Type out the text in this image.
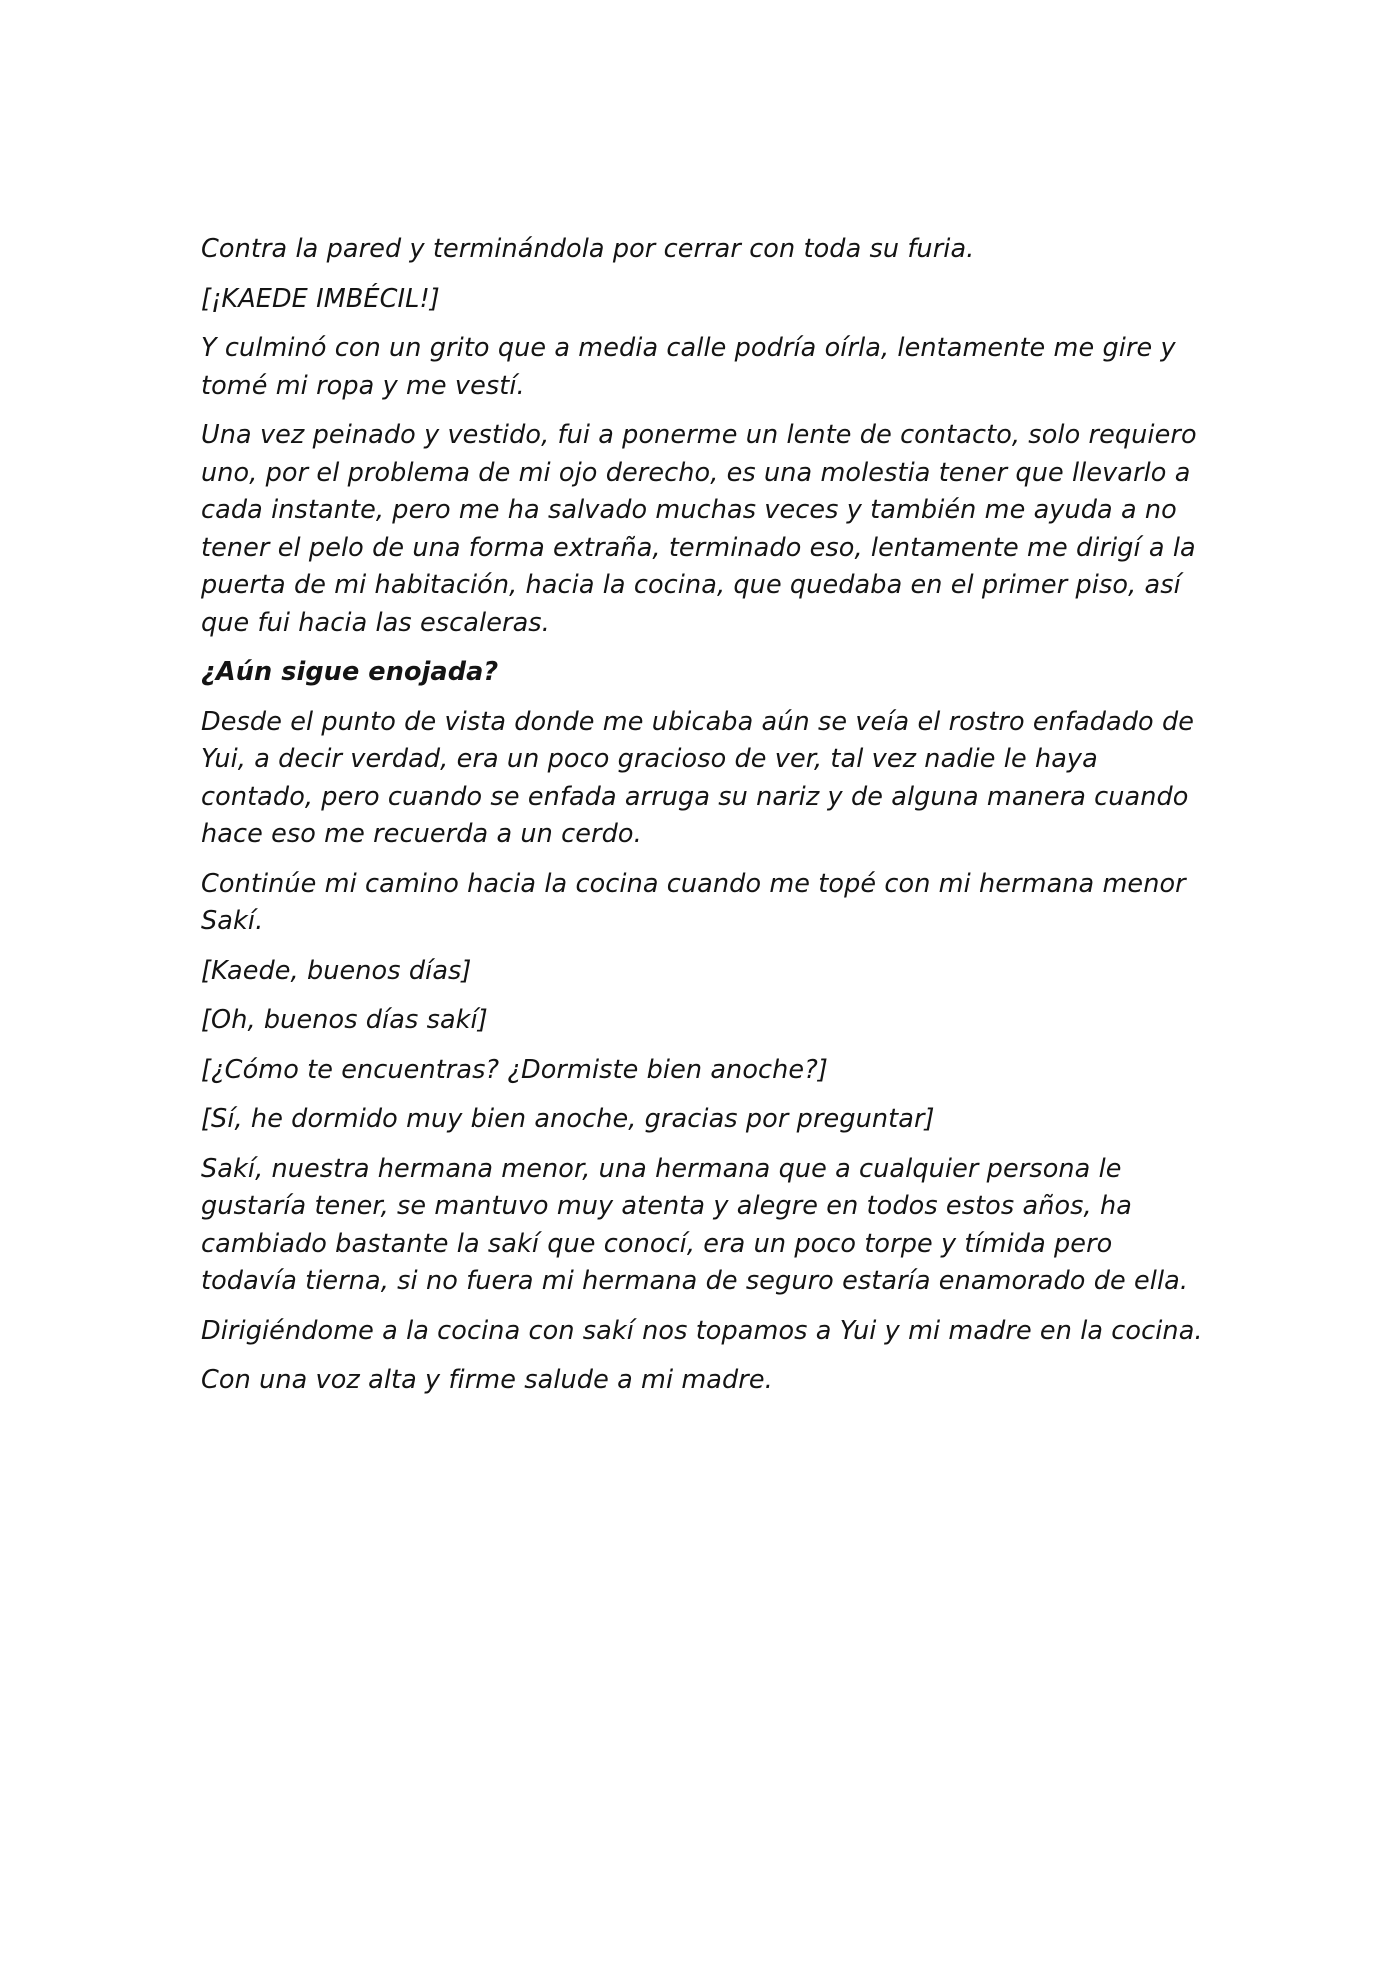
Contra la pared y terminándola por cerrar con toda su furia.

[¡KAEDE IMBÉCIL!]

Y culminó con un grito que a media calle podría oírla, lentamente me gire y tomé mi ropa y me vestí.

Una vez peinado y vestido, fui a ponerme un lente de contacto, solo requiero uno, por el problema de mi ojo derecho, es una molestia tener que llevarlo a cada instante, pero me ha salvado muchas veces y también me ayuda a no tener el pelo de una forma extraña, terminado eso, lentamente me dirigí a la puerta de mi habitación, hacia la cocina, que quedaba en el primer piso, así que fui hacia las escaleras.

¿Aún sigue enojada?

Desde el punto de vista donde me ubicaba aún se veía el rostro enfadado de Yui, a decir verdad, era un poco gracioso de ver, tal vez nadie le haya contado, pero cuando se enfada arruga su nariz y de alguna manera cuando hace eso me recuerda a un cerdo.

Continúe mi camino hacia la cocina cuando me topé con mi hermana menor Sakí.

[Kaede, buenos días]

[Oh, buenos días sakí]

[¿Cómo te encuentras? ¿Dormiste bien anoche?]

[Sí, he dormido muy bien anoche, gracias por preguntar]

Sakí, nuestra hermana menor, una hermana que a cualquier persona le gustaría tener, se mantuvo muy atenta y alegre en todos estos años, ha cambiado bastante la sakí que conocí, era un poco torpe y tímida pero todavía tierna, si no fuera mi hermana de seguro estaría enamorado de ella.

Dirigiéndome a la cocina con sakí nos topamos a Yui y mi madre en la cocina.

Con una voz alta y firme salude a mi madre.
